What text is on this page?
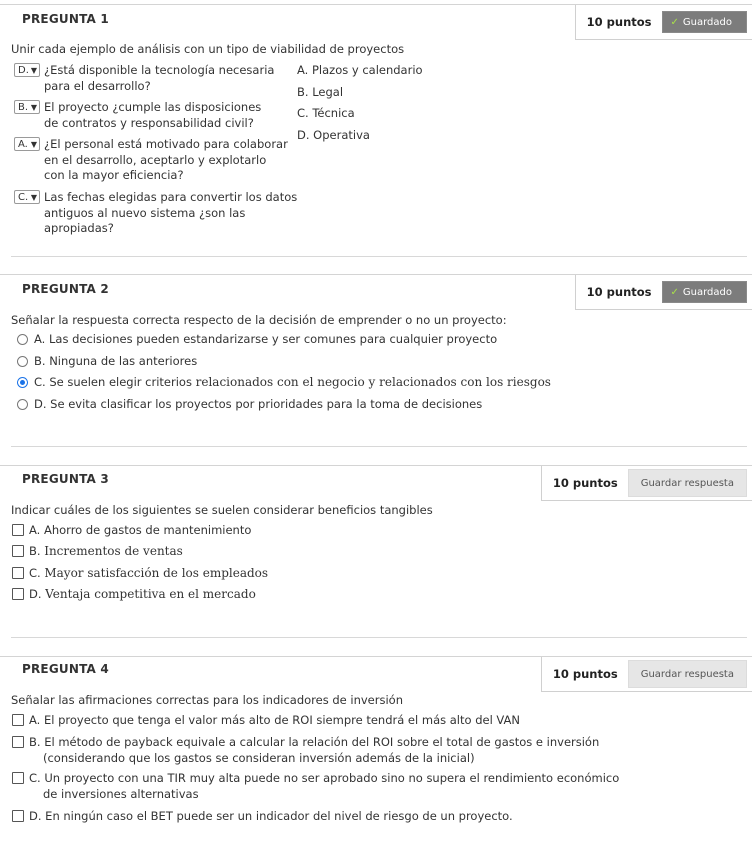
PREGUNTA 1	10 puntos	✓ Guardado
Unir cada ejemplo de análisis con un tipo de viabilidad de proyectos
D. ▼ ¿Está disponible la tecnología necesaria para el desarrollo?
B. ▼ El proyecto ¿cumple las disposiciones de contratos y responsabilidad civil?
A. ▼ ¿El personal está motivado para colaborar en el desarrollo, aceptarlo y explotarlo con la mayor eficiencia?
C. ▼ Las fechas elegidas para convertir los datos antiguos al nuevo sistema ¿son las apropiadas?
A. Plazos y calendario
B. Legal
C. Técnica
D. Operativa
PREGUNTA 2	10 puntos	✓ Guardado
Señalar la respuesta correcta respecto de la decisión de emprender o no un proyecto:
A. Las decisiones pueden estandarizarse y ser comunes para cualquier proyecto
B. Ninguna de las anteriores
C. Se suelen elegir criterios relacionados con el negocio y relacionados con los riesgos
D. Se evita clasificar los proyectos por prioridades para la toma de decisiones
PREGUNTA 3	10 puntos	Guardar respuesta
Indicar cuáles de los siguientes se suelen considerar beneficios tangibles
A. Ahorro de gastos de mantenimiento
B. Incrementos de ventas
C. Mayor satisfacción de los empleados
D. Ventaja competitiva en el mercado
PREGUNTA 4	10 puntos	Guardar respuesta
Señalar las afirmaciones correctas para los indicadores de inversión
A. El proyecto que tenga el valor más alto de ROI siempre tendrá el más alto del VAN
B. El método de payback equivale a calcular la relación del ROI sobre el total de gastos e inversión
(considerando que los gastos se consideran inversión además de la inicial)
C. Un proyecto con una TIR muy alta puede no ser aprobado sino no supera el rendimiento económico
de inversiones alternativas
D. En ningún caso el BET puede ser un indicador del nivel de riesgo de un proyecto.
